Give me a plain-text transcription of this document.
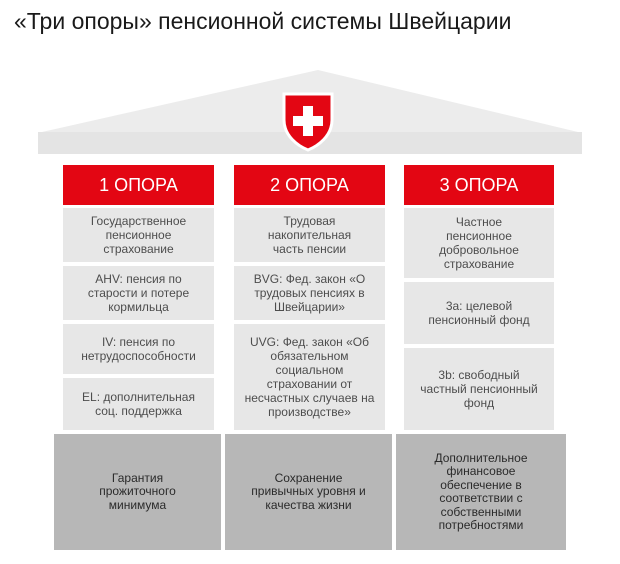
«Три опоры» пенсионной системы Швейцарии
1 ОПОРА
Государственное
пенсионное
страхование
AHV: пенсия по
старости и потере
кормильца
IV: пенсия по
нетрудоспособности
EL: дополнительная
соц. поддержка
2 ОПОРА
Трудовая
накопительная
часть пенсии
BVG: Фед. закон «О
трудовых пенсиях в
Швейцарии»
UVG: Фед. закон «Об
обязательном
социальном
страховании от
несчастных случаев на
производстве»
3 ОПОРА
Частное
пенсионное
добровольное
страхование
3a: целевой
пенсионный фонд
3b: свободный
частный пенсионный
фонд
Гарантия
прожиточного
минимума
Сохранение
привычных уровня и
качества жизни
Дополнительное
финансовое
обеспечение в
соответствии с
собственными
потребностями
